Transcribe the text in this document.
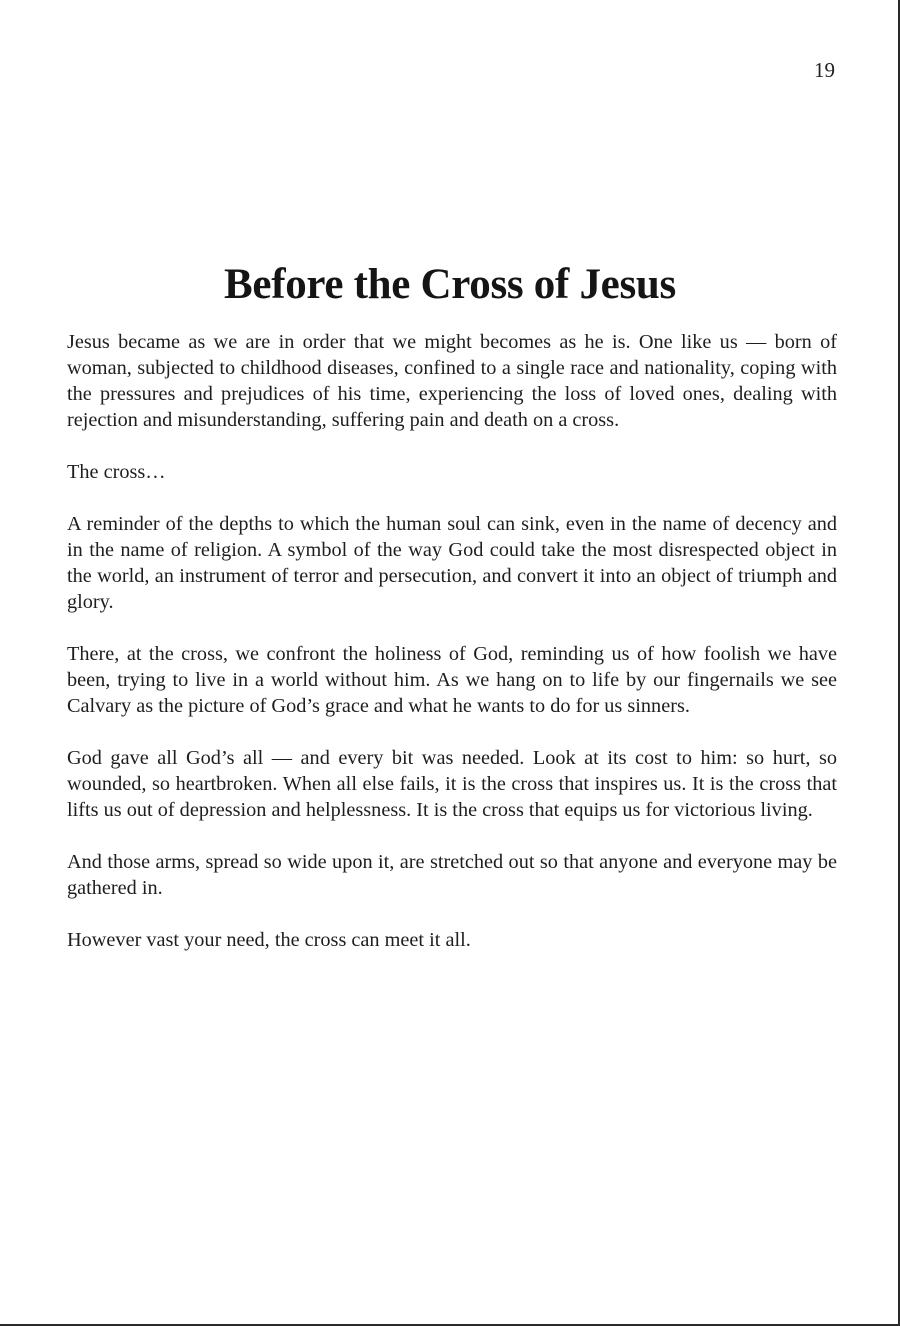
19
Before the Cross of Jesus

Jesus became as we are in order that we might becomes as he is. One like us — born of woman, subjected to childhood diseases, confined to a single race and nationality, coping with the pressures and prejudices of his time, experiencing the loss of loved ones, dealing with rejection and misunderstanding, suffering pain and death on a cross.

The cross…

A reminder of the depths to which the human soul can sink, even in the name of decency and in the name of religion. A symbol of the way God could take the most disrespected object in the world, an instrument of terror and persecution, and convert it into an object of triumph and glory.

There, at the cross, we confront the holiness of God, reminding us of how foolish we have been, trying to live in a world without him. As we hang on to life by our fingernails we see Calvary as the picture of God’s grace and what he wants to do for us sinners.

God gave all God’s all — and every bit was needed. Look at its cost to him: so hurt, so wounded, so heartbroken. When all else fails, it is the cross that inspires us. It is the cross that lifts us out of depression and helplessness. It is the cross that equips us for victorious living.

And those arms, spread so wide upon it, are stretched out so that anyone and everyone may be gathered in.

However vast your need, the cross can meet it all.
